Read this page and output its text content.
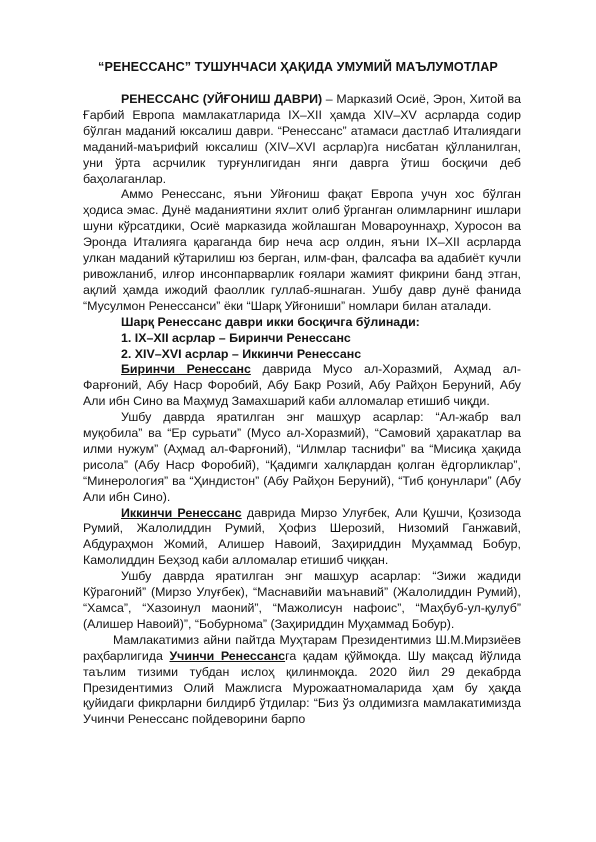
“РЕНЕССАНС” ТУШУНЧАСИ ҲАҚИДА УМУМИЙ МАЪЛУМОТЛАР

РЕНЕССАНС (УЙҒОНИШ ДАВРИ) – Марказий Осиё, Эрон, Хитой ва Ғарбий Европа мамлакатларида IX–XII ҳамда XIV–XV асрларда содир бўлган маданий юксалиш даври. “Ренессанс” атамаси дастлаб Италиядаги маданий-маърифий юксалиш (XIV–XVI асрлар)га нисбатан қўлланилган, уни ўрта асрчилик турғунлигидан янги даврга ўтиш босқичи деб баҳолаганлар.

Аммо Ренессанс, яъни Уйғониш фақат Европа учун хос бўлган ҳодиса эмас. Дунё маданиятини яхлит олиб ўрганган олимларнинг ишлари шуни кўрсатдики, Осиё марказида жойлашган Мовароуннаҳр, Хуросон ва Эронда Италияга қараганда бир неча аср олдин, яъни IX–XII асрларда улкан маданий кўтарилиш юз берган, илм-фан, фалсафа ва адабиёт кучли ривожланиб, илғор инсонпарварлик ғоялари жамият фикрини банд этган, ақлий ҳамда ижодий фаоллик гуллаб-яшнаган. Ушбу давр дунё фанида “Мусулмон Ренессанси” ёки “Шарқ Уйғониши” номлари билан аталади.

Шарқ Ренессанс даври икки босқичга бўлинади:

1. IX–XII асрлар – Биринчи Ренессанс

2. XIV–XVI асрлар – Иккинчи Ренессанс

Биринчи Ренессанс даврида Мусо ал-Хоразмий, Аҳмад ал-Фарғоний, Абу Наср Форобий, Абу Бакр Розий, Абу Райҳон Беруний, Абу Али ибн Сино ва Маҳмуд Замахшарий каби алломалар етишиб чиқди.

Ушбу даврда яратилган энг машҳур асарлар: “Ал-жабр вал муқобила” ва “Ер сурьати” (Мусо ал-Хоразмий), “Самовий ҳаракатлар ва илми нужум” (Аҳмад ал-Фарғоний), “Илмлар таснифи” ва “Мисиқа ҳақида рисола” (Абу Наср Форобий), “Қадимги халқлардан қолган ёдгорликлар”, “Минерология” ва “Ҳиндистон” (Абу Райҳон Беруний), “Тиб қонунлари” (Абу Али ибн Сино).

Иккинчи Ренессанс даврида Мирзо Улуғбек, Али Қушчи, Қозизода Румий, Жалолиддин Румий, Ҳофиз Шерозий, Низомий Ганжавий, Абдураҳмон Жомий, Алишер Навоий, Заҳириддин Муҳаммад Бобур, Камолиддин Беҳзод каби алломалар етишиб чиққан.

Ушбу даврда яратилган энг машҳур асарлар: “Зижи жадиди Кўрагоний” (Мирзо Улуғбек), “Маснавийи маънавий” (Жалолиддин Румий), “Хамса”, “Хазоинул маоний”, “Мажолисун нафоис”, “Маҳбуб-ул-қулуб” (Алишер Навоий)”, “Бобурнома” (Заҳириддин Муҳаммад Бобур).

Мамлакатимиз айни пайтда Муҳтарам Президентимиз Ш.М.Мирзиёев раҳбарлигида Учинчи Ренессансга қадам қўймоқда. Шу мақсад йўлида таълим тизими тубдан ислоҳ қилинмоқда. 2020 йил 29 декабрда Президентимиз Олий Мажлисга Мурожаатномаларида ҳам бу ҳақда қуйидаги фикрларни билдирб ўтдилар: “Биз ўз олдимизга мамлакатимизда Учинчи Ренессанс пойдеворини барпо
